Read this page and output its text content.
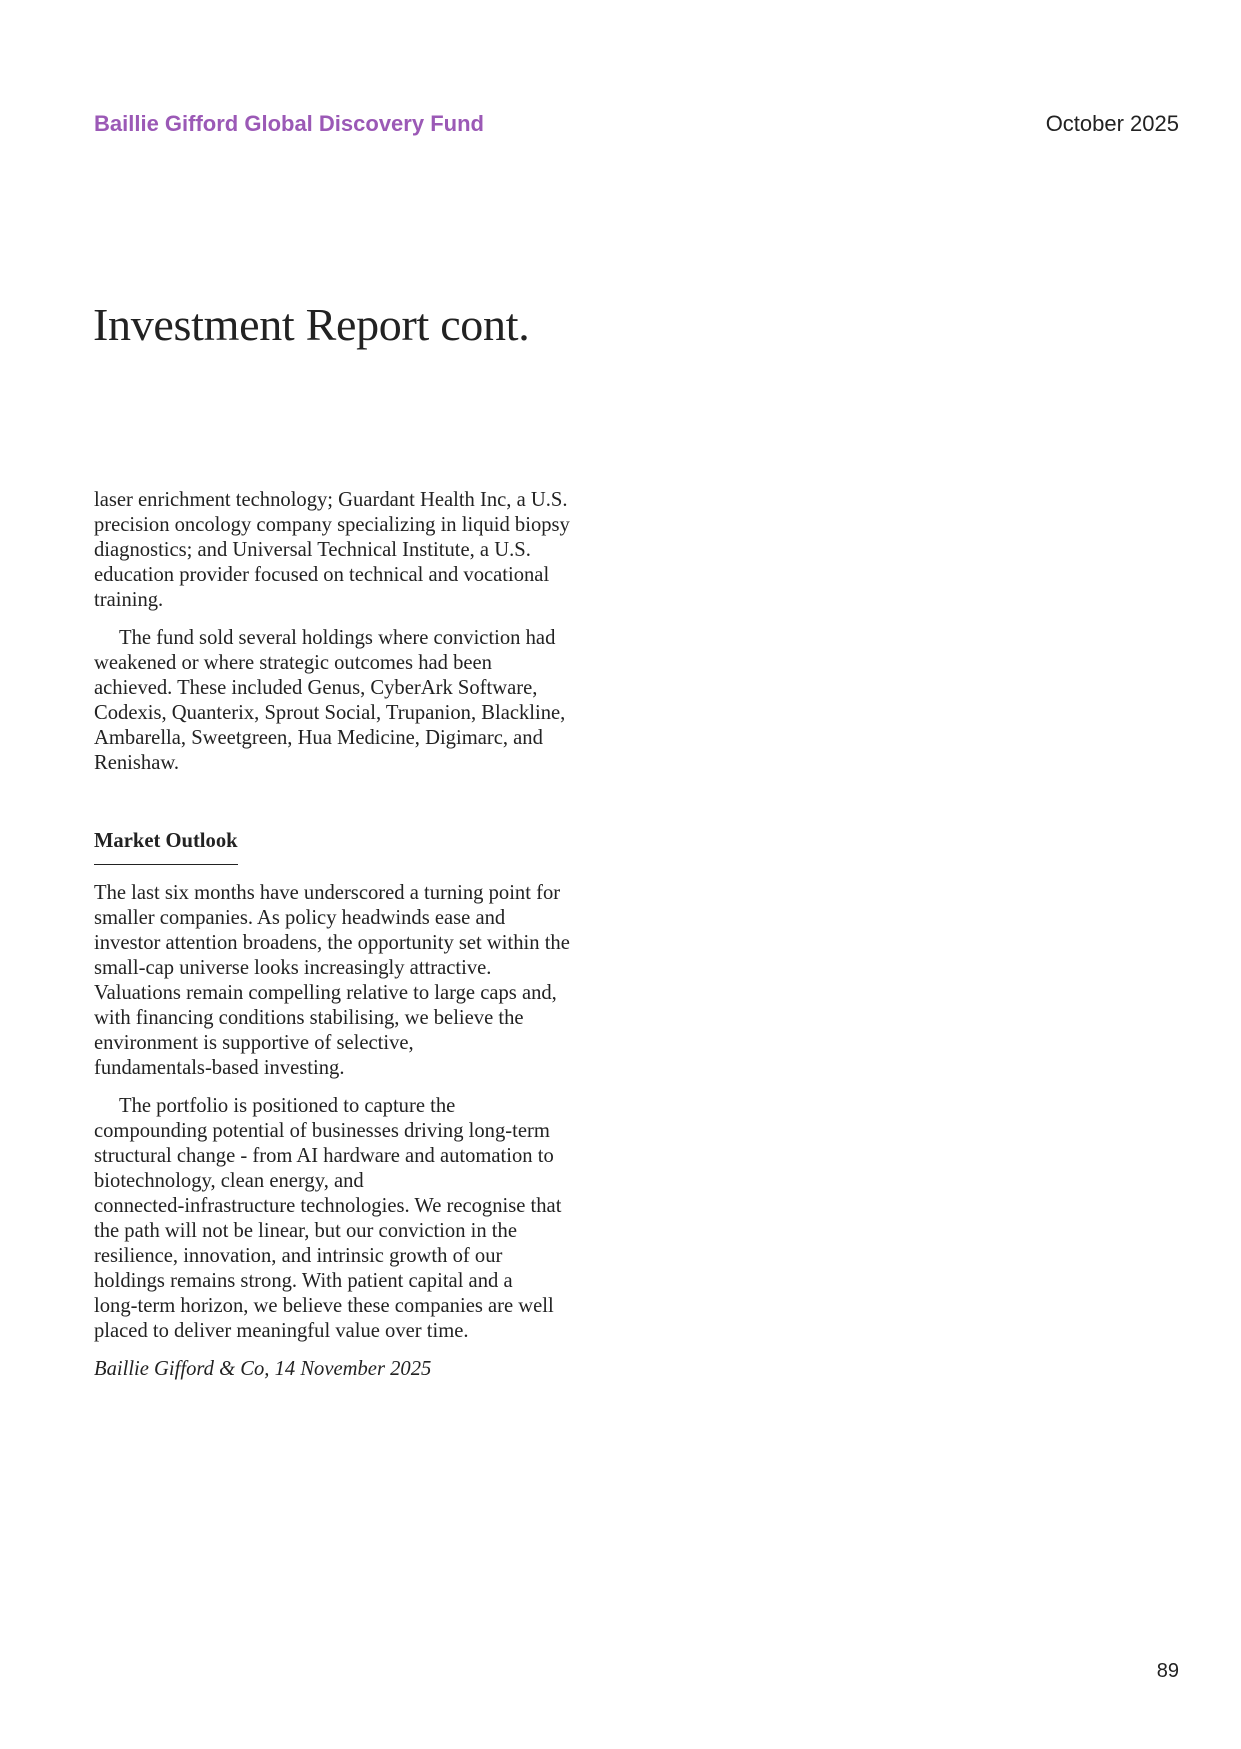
Baillie Gifford Global Discovery Fund	October 2025
Investment Report cont.

laser enrichment technology; Guardant Health Inc, a U.S.

precision oncology company specializing in liquid biopsy

diagnostics; and Universal Technical Institute, a U.S.

education provider focused on technical and vocational

training.

The fund sold several holdings where conviction had

weakened or where strategic outcomes had been

achieved. These included Genus, CyberArk Software,

Codexis, Quanterix, Sprout Social, Trupanion, Blackline,

Ambarella, Sweetgreen, Hua Medicine, Digimarc, and

Renishaw.

Market Outlook

The last six months have underscored a turning point for

smaller companies. As policy headwinds ease and

investor attention broadens, the opportunity set within the

small-cap universe looks increasingly attractive.

Valuations remain compelling relative to large caps and,

with financing conditions stabilising, we believe the

environment is supportive of selective,

fundamentals-based investing.

The portfolio is positioned to capture the

compounding potential of businesses driving long-term

structural change - from AI hardware and automation to

biotechnology, clean energy, and

connected-infrastructure technologies. We recognise that

the path will not be linear, but our conviction in the

resilience, innovation, and intrinsic growth of our

holdings remains strong. With patient capital and a

long-term horizon, we believe these companies are well

placed to deliver meaningful value over time.

Baillie Gifford & Co, 14 November 2025

89
